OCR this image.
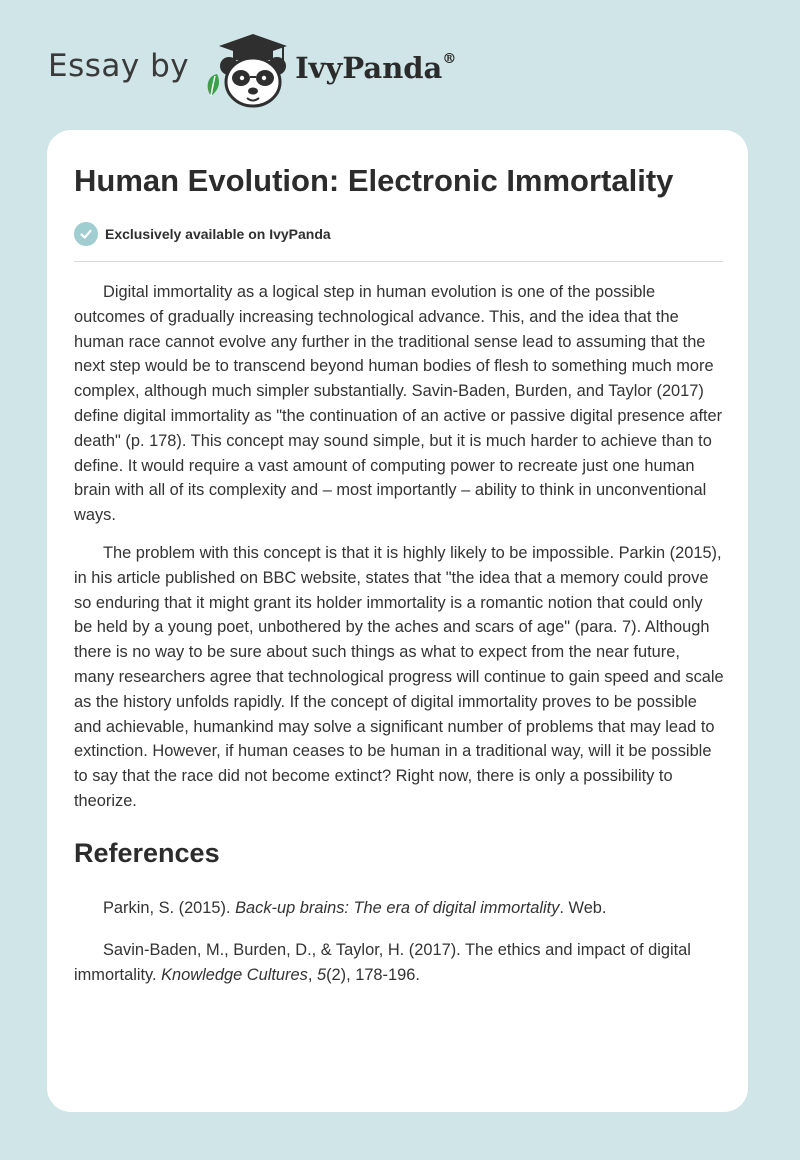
Essay by	IvyPanda®
Human Evolution: Electronic Immortality
Exclusively available on IvyPanda

Digital immortality as a logical step in human evolution is one of the possible outcomes of gradually increasing technological advance. This, and the idea that the human race cannot evolve any further in the traditional sense lead to assuming that the next step would be to transcend beyond human bodies of flesh to something much more complex, although much simpler substantially. Savin-Baden, Burden, and Taylor (2017) define digital immortality as "the continuation of an active or passive digital presence after death" (p. 178). This concept may sound simple, but it is much harder to achieve than to define. It would require a vast amount of computing power to recreate just one human brain with all of its complexity and – most importantly – ability to think in unconventional ways.

The problem with this concept is that it is highly likely to be impossible. Parkin (2015), in his article published on BBC website, states that "the idea that a memory could prove so enduring that it might grant its holder immortality is a romantic notion that could only be held by a young poet, unbothered by the aches and scars of age" (para. 7). Although there is no way to be sure about such things as what to expect from the near future, many researchers agree that technological progress will continue to gain speed and scale as the history unfolds rapidly. If the concept of digital immortality proves to be possible and achievable, humankind may solve a significant number of problems that may lead to extinction. However, if human ceases to be human in a traditional way, will it be possible to say that the race did not become extinct? Right now, there is only a possibility to theorize.

References

Parkin, S. (2015). Back-up brains: The era of digital immortality. Web.

Savin-Baden, M., Burden, D., & Taylor, H. (2017). The ethics and impact of digital immortality. Knowledge Cultures, 5(2), 178-196.
